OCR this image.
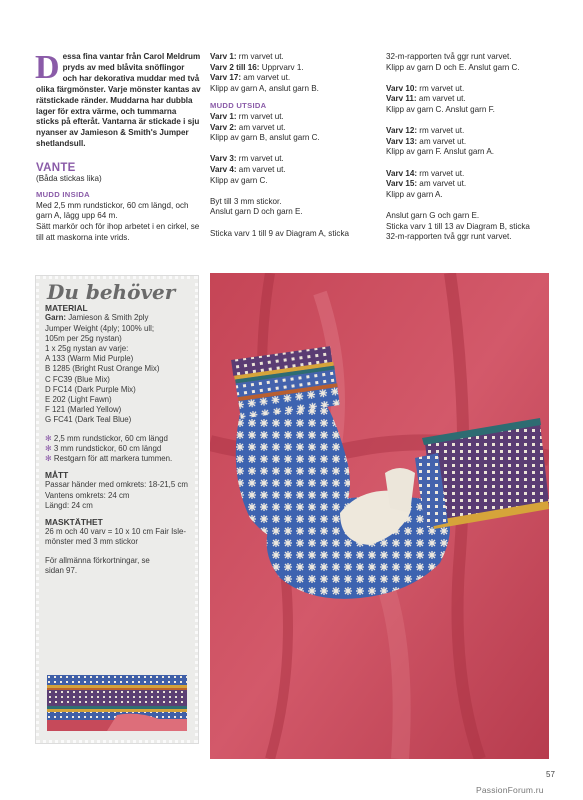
Dessa fina vantar från Carol Meldrum pryds av med blåvita snöflingor och har dekorativa muddar med två olika färgmönster. Varje mönster kantas av rätstickade ränder. Muddarna har dubbla lager för extra värme, och tummarna sticks på efteråt. Vantarna är stickade i sju nyanser av Jamieson & Smith's Jumper shetlandsull.
VANTE

(Båda stickas lika)

MUDD INSIDA

Med 2,5 mm rundstickor, 60 cm längd, och garn A, lägg upp 64 m.

Sätt markör och för ihop arbetet i en cirkel, se till att maskorna inte vrids.

Varv 1: rm varvet ut.

Varv 2 till 16: Upprvarv 1.

Varv 17: am varvet ut.

Klipp av garn A, anslut garn B.

MUDD UTSIDA

Varv 1: rm varvet ut.

Varv 2: am varvet ut.

Klipp av garn B, anslut garn C.

Varv 3: rm varvet ut.

Varv 4: am varvet ut.

Klipp av garn C.

Byt till 3 mm stickor.

Anslut garn D och garn E.

Sticka varv 1 till 9 av Diagram A, sticka

32-m-rapporten två ggr runt varvet.

Klipp av garn D och E. Anslut garn C.

Varv 10: rm varvet ut.

Varv 11: am varvet ut.

Klipp av garn C. Anslut garn F.

Varv 12: rm varvet ut.

Varv 13: am varvet ut.

Klipp av garn F. Anslut garn A.

Varv 14: rm varvet ut.

Varv 15: am varvet ut.

Klipp av garn A.

Anslut garn G och garn E.

Sticka varv 1 till 13 av Diagram B, sticka

32-m-rapporten två ggr runt varvet.

Du behöver
MATERIAL

Garn: Jamieson & Smith 2ply Jumper Weight (4ply; 100% ull; 105m per 25g nystan)

1 x 25g nystan av varje:

A 133 (Warm Mid Purple)

B 1285 (Bright Rust Orange Mix)

C FC39 (Blue Mix)

D FC14 (Dark Purple Mix)

E 202 (Light Fawn)

F 121 (Marled Yellow)

G FC41 (Dark Teal Blue)

✻ 2,5 mm rundstickor, 60 cm längd

✻ 3 mm rundstickor, 60 cm längd

✻ Restgarn för att markera tummen.

MÅTT

Passar händer med omkrets: 18-21,5 cm

Vantens omkrets: 24 cm

Längd: 24 cm

MASKTÄTHET

26 m och 40 varv = 10 x 10 cm Fair Isle-mönster med 3 mm stickor

För allmänna förkortningar, se sidan 97.

57
PassionForum.ru
